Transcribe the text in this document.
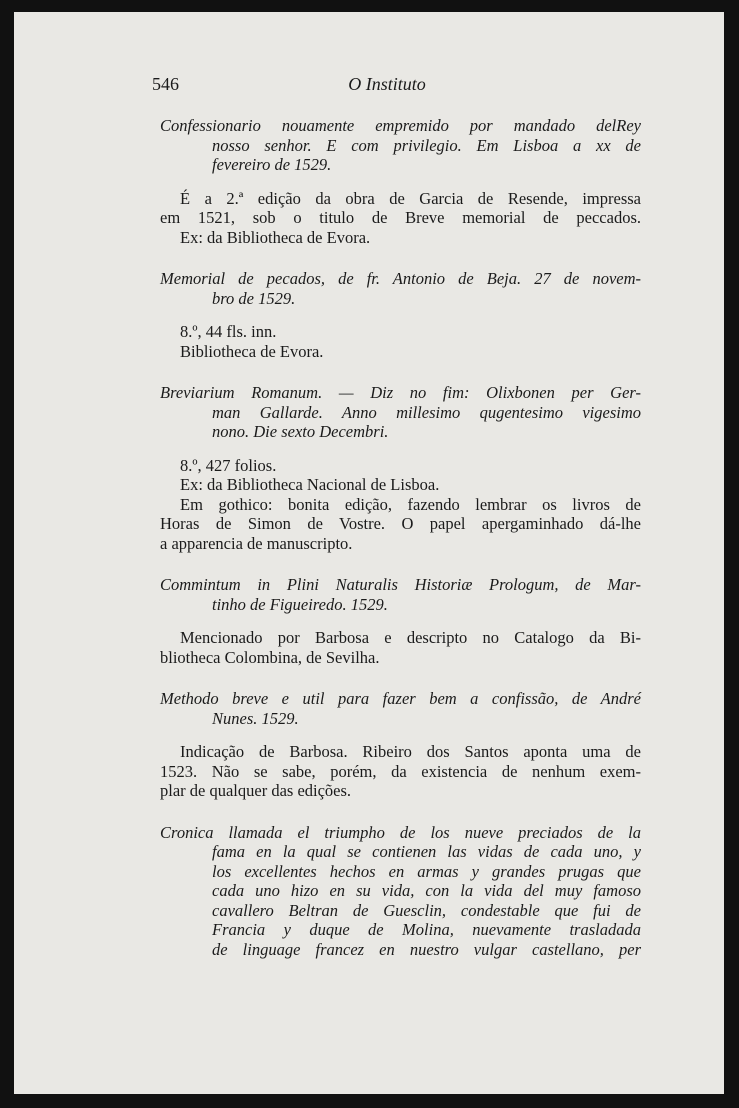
546	O Instituto

Confessionario nouamente empremido por mandado delRey
nosso senhor. E com privilegio. Em Lisboa a xx de
fevereiro de 1529.

É a 2.ª edição da obra de Garcia de Resende, impressa
em 1521, sob o titulo de Breve memorial de peccados.
Ex: da Bibliotheca de Evora.

Memorial de pecados, de fr. Antonio de Beja. 27 de novem-
bro de 1529.

8.º, 44 fls. inn.
Bibliotheca de Evora.

Breviarium Romanum. — Diz no fim: Olixbonen per Ger-
man Gallarde. Anno millesimo qugentesimo vigesimo
nono. Die sexto Decembri.

8.º, 427 folios.
Ex: da Bibliotheca Nacional de Lisboa.
Em gothico: bonita edição, fazendo lembrar os livros de
Horas de Simon de Vostre. O papel apergaminhado dá-lhe
a apparencia de manuscripto.

Commintum in Plini Naturalis Historiæ Prologum, de Mar-
tinho de Figueiredo. 1529.

Mencionado por Barbosa e descripto no Catalogo da Bi-
bliotheca Colombina, de Sevilha.

Methodo breve e util para fazer bem a confissão, de André
Nunes. 1529.

Indicação de Barbosa. Ribeiro dos Santos aponta uma de
1523. Não se sabe, porém, da existencia de nenhum exem-
plar de qualquer das edições.

Cronica llamada el triumpho de los nueve preciados de la
fama en la qual se contienen las vidas de cada uno, y
los excellentes hechos en armas y grandes prugas que
cada uno hizo en su vida, con la vida del muy famoso
cavallero Beltran de Guesclin, condestable que fui de
Francia y duque de Molina, nuevamente trasladada
de linguage francez en nuestro vulgar castellano, per
